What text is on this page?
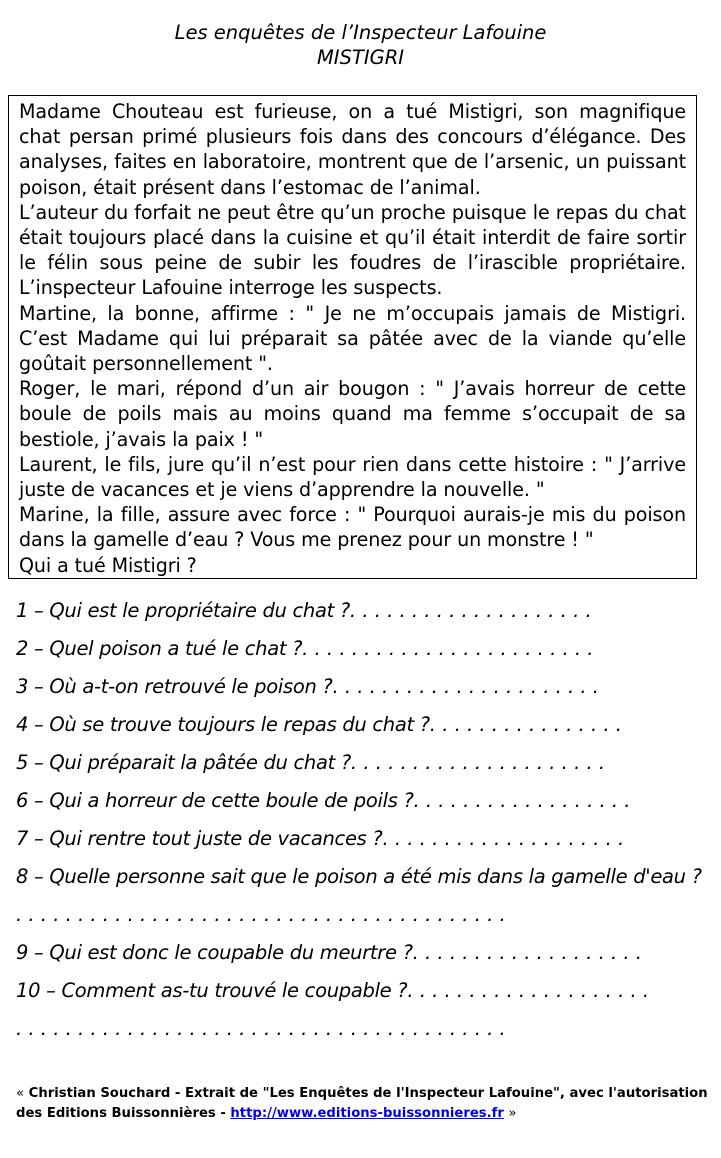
Les enquêtes de l’Inspecteur Lafouine
MISTIGRI

Madame Chouteau est furieuse, on a tué Mistigri, son magnifique chat persan primé plusieurs fois dans des concours d’élégance. Des analyses, faites en laboratoire, montrent que de l’arsenic, un puissant poison, était présent dans l’estomac de l’animal.

L’auteur du forfait ne peut être qu’un proche puisque le repas du chat était toujours placé dans la cuisine et qu’il était interdit de faire sortir le félin sous peine de subir les foudres de l’irascible propriétaire. L’inspecteur Lafouine interroge les suspects.

Martine, la bonne, affirme : " Je ne m’occupais jamais de Mistigri. C’est Madame qui lui préparait sa pâtée avec de la viande qu’elle goûtait personnellement ".

Roger, le mari, répond d’un air bougon : " J’avais horreur de cette boule de poils mais au moins quand ma femme s’occupait de sa bestiole, j’avais la paix ! "

Laurent, le fils, jure qu’il n’est pour rien dans cette histoire : " J’arrive juste de vacances et je viens d’apprendre la nouvelle. "

Marine, la fille, assure avec force : " Pourquoi aurais-je mis du poison dans la gamelle d’eau ? Vous me prenez pour un monstre ! "

Qui a tué Mistigri ?

1 – Qui est le propriétaire du chat ?. . . . . . . . . . . . . . . . . . . .
2 – Quel poison a tué le chat ?. . . . . . . . . . . . . . . . . . . . . . . .
3 – Où a-t-on retrouvé le poison ?. . . . . . . . . . . . . . . . . . . . . .
4 – Où se trouve toujours le repas du chat ?. . . . . . . . . . . . . . . .
5 – Qui préparait la pâtée du chat ?. . . . . . . . . . . . . . . . . . . . .
6 – Qui a horreur de cette boule de poils ?. . . . . . . . . . . . . . . . . .
7 – Qui rentre tout juste de vacances ?. . . . . . . . . . . . . . . . . . . .
8 – Quelle personne sait que le poison a été mis dans la gamelle d'eau ?
. . . . . . . . . . . . . . . . . . . . . . . . . . . . . . . . . . . . . . . .
9 – Qui est donc le coupable du meurtre ?. . . . . . . . . . . . . . . . . . .
10 – Comment as-tu trouvé le coupable ?. . . . . . . . . . . . . . . . . . . .
. . . . . . . . . . . . . . . . . . . . . . . . . . . . . . . . . . . . . . . .
« Christian Souchard - Extrait de "Les Enquêtes de l'Inspecteur Lafouine", avec l'autorisation des Editions Buissonnières - http://www.editions-buissonnieres.fr »
